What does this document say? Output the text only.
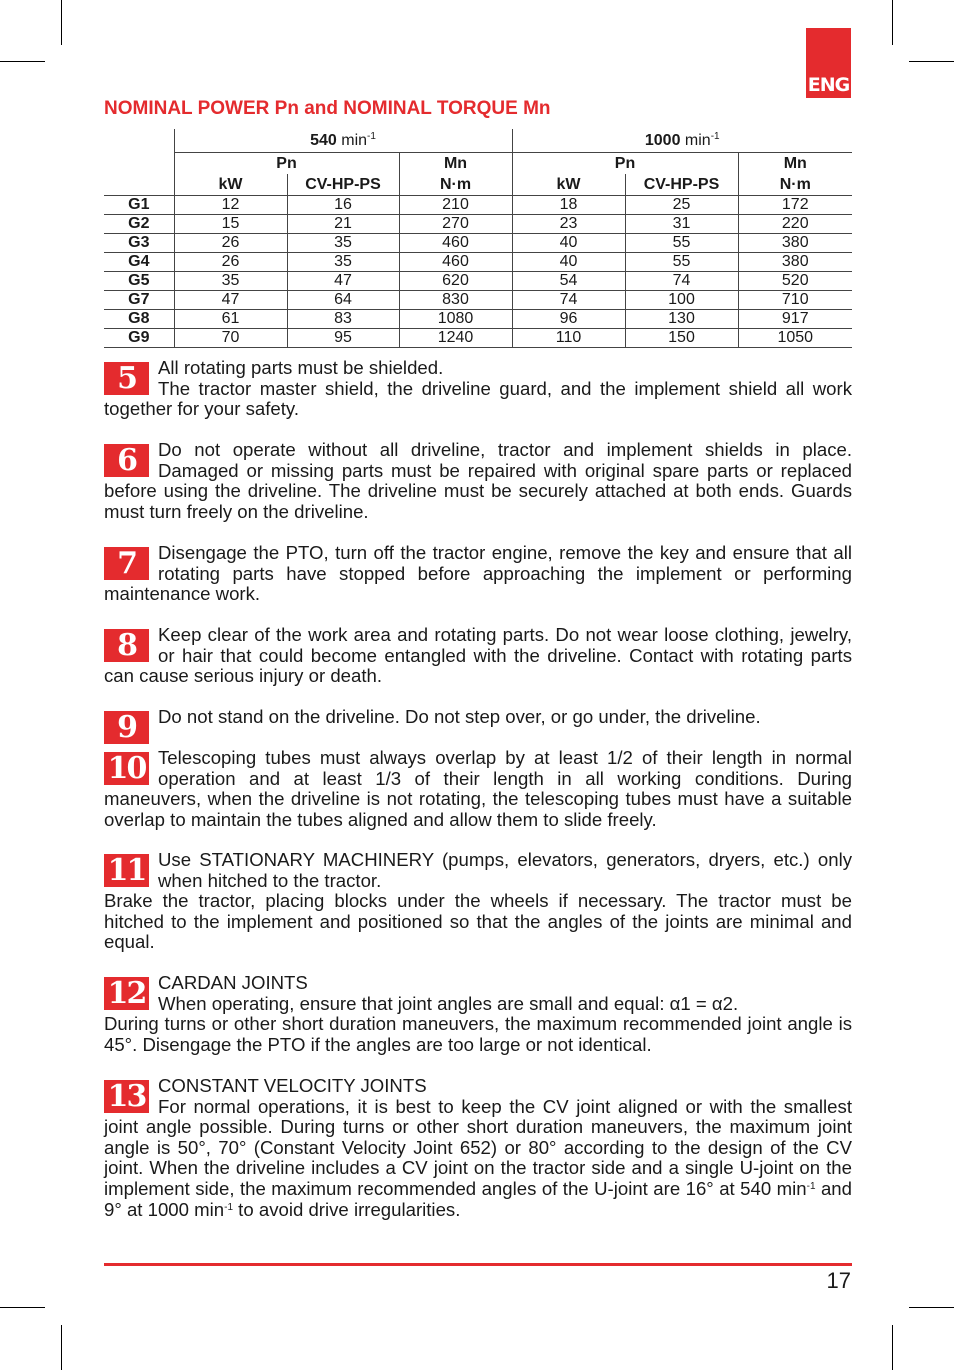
ENG
NOMINAL POWER Pn and NOMINAL TORQUE Mn
	540 $\min^{-1}$			1000 $\min^{-1}$
	Pn		Mn	Pn		Mn
	kW	CV-HP-PS	N·m	kW	CV-HP-PS	N·m
G1	12	16	210	18	25	172
G2	15	21	270	23	31	220
G3	26	35	460	40	55	380
G4	26	35	460	40	55	380
G5	35	47	620	54	74	520
G7	47	64	830	74	100	710
G8	61	83	1080	96	130	917
G9	70	95	1240	110	150	1050
5	All rotating parts must be shielded.

The tractor master shield, the driveline guard, and the implement shield all work together for your safety.

6	Do not operate without all driveline, tractor and implement shields in place. Damaged or missing parts must be repaired with original spare parts or replaced before using the driveline. The driveline must be securely attached at both ends. Guards must turn freely on the driveline.

7	Disengage the PTO, turn off the tractor engine, remove the key and ensure that all rotating parts have stopped before approaching the implement or performing maintenance work.

8	Keep clear of the work area and rotating parts. Do not wear loose clothing, jewelry, or hair that could become entangled with the driveline. Contact with rotating parts can cause serious injury or death.

9	Do not stand on the driveline. Do not step over, or go under, the driveline.

10 Telescoping tubes must always overlap by at least 1/2 of their length in normal operation and at least 1/3 of their length in all working conditions. During maneuvers, when the driveline is not rotating, the telescoping tubes must have a suitable overlap to maintain the tubes aligned and allow them to slide freely.

11 Use STATIONARY MACHINERY (pumps, elevators, generators, dryers, etc.) only when hitched to the tractor.

Brake the tractor, placing blocks under the wheels if necessary. The tractor must be hitched to the implement and positioned so that the angles of the joints are minimal and equal.

12 CARDAN JOINTS

When operating, ensure that joint angles are small and equal: α1 = α2.

During turns or other short duration maneuvers, the maximum recommended joint angle is 45°. Disengage the PTO if the angles are too large or not identical.

13 CONSTANT VELOCITY JOINTS

For normal operations, it is best to keep the CV joint aligned or with the smallest joint angle possible. During turns or other short duration maneuvers, the maximum joint angle is 50°, 70° (Constant Velocity Joint 652) or 80° according to the design of the CV joint. When the driveline includes a CV joint on the tractor side and a single U-joint on the implement side, the maximum recommended angles of the U-joint are 16° at 540 $\min^{-1}$ and 9° at 1000 $\min^{-1}$ to avoid drive irregularities.

17
